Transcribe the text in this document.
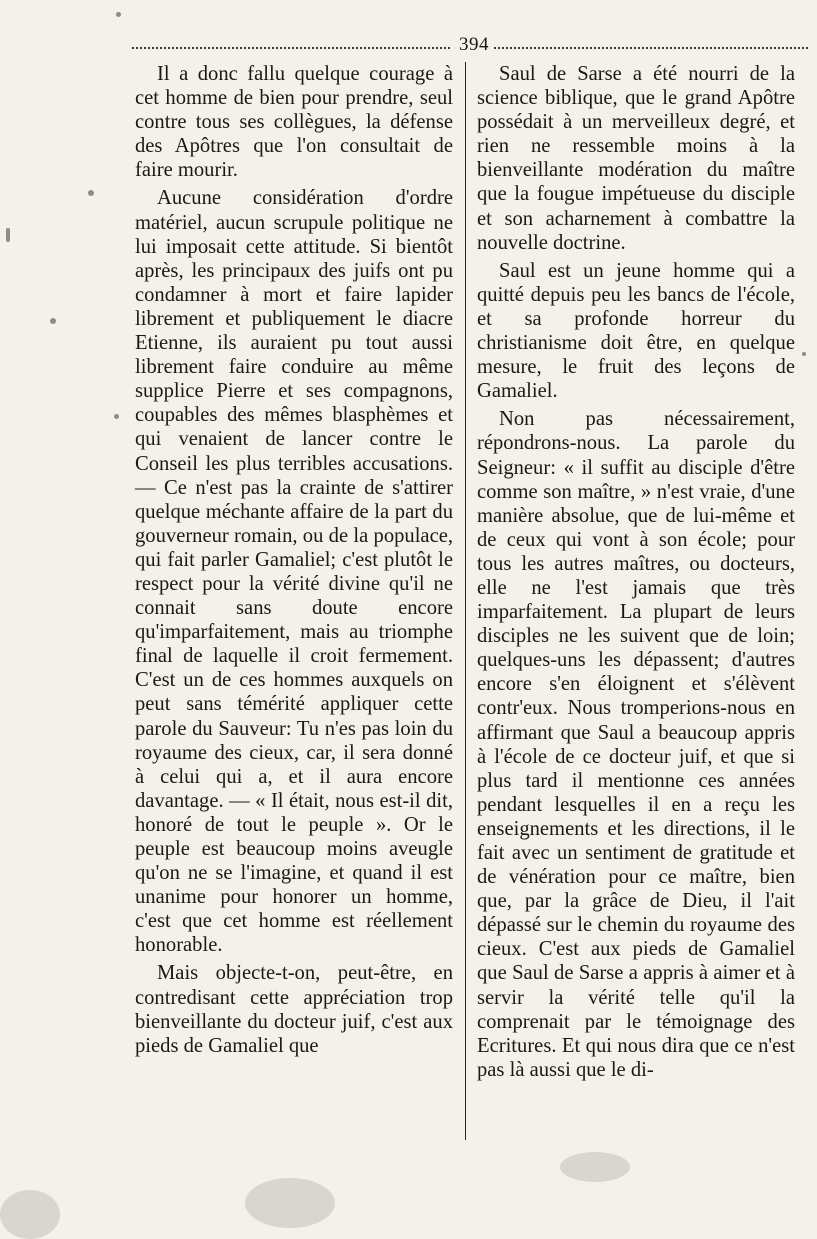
394

Il a donc fallu quelque courage à cet homme de bien pour prendre, seul contre tous ses collègues, la défense des Apôtres que l'on consultait de faire mourir.

Aucune considération d'ordre matériel, aucun scrupule politique ne lui imposait cette attitude. Si bientôt après, les principaux des juifs ont pu condamner à mort et faire lapider librement et publiquement le diacre Etienne, ils auraient pu tout aussi librement faire conduire au même supplice Pierre et ses compagnons, coupables des mêmes blasphèmes et qui venaient de lancer contre le Conseil les plus terribles accusations. — Ce n'est pas la crainte de s'attirer quelque méchante affaire de la part du gouverneur romain, ou de la populace, qui fait parler Gamaliel; c'est plutôt le respect pour la vérité divine qu'il ne connait sans doute encore qu'imparfaitement, mais au triomphe final de laquelle il croit fermement. C'est un de ces hommes auxquels on peut sans témérité appliquer cette parole du Sauveur: Tu n'es pas loin du royaume des cieux, car, il sera donné à celui qui a, et il aura encore davantage. — « Il était, nous est-il dit, honoré de tout le peuple ». Or le peuple est beaucoup moins aveugle qu'on ne se l'imagine, et quand il est unanime pour honorer un homme, c'est que cet homme est réellement honorable.

Mais objecte-t-on, peut-être, en contredisant cette appréciation trop bienveillante du docteur juif, c'est aux pieds de Gamaliel que

Saul de Sarse a été nourri de la science biblique, que le grand Apôtre possédait à un merveilleux degré, et rien ne ressemble moins à la bienveillante modération du maître que la fougue impétueuse du disciple et son acharnement à combattre la nouvelle doctrine.

Saul est un jeune homme qui a quitté depuis peu les bancs de l'école, et sa profonde horreur du christianisme doit être, en quelque mesure, le fruit des leçons de Gamaliel.

Non pas nécessairement, répondrons-nous. La parole du Seigneur: « il suffit au disciple d'être comme son maître, » n'est vraie, d'une manière absolue, que de lui-même et de ceux qui vont à son école; pour tous les autres maîtres, ou docteurs, elle ne l'est jamais que très imparfaitement. La plupart de leurs disciples ne les suivent que de loin; quelques-uns les dépassent; d'autres encore s'en éloignent et s'élèvent contr'eux. Nous tromperions-nous en affirmant que Saul a beaucoup appris à l'école de ce docteur juif, et que si plus tard il mentionne ces années pendant lesquelles il en a reçu les enseignements et les directions, il le fait avec un sentiment de gratitude et de vénération pour ce maître, bien que, par la grâce de Dieu, il l'ait dépassé sur le chemin du royaume des cieux. C'est aux pieds de Gamaliel que Saul de Sarse a appris à aimer et à servir la vérité telle qu'il la comprenait par le témoignage des Ecritures. Et qui nous dira que ce n'est pas là aussi que le di-
